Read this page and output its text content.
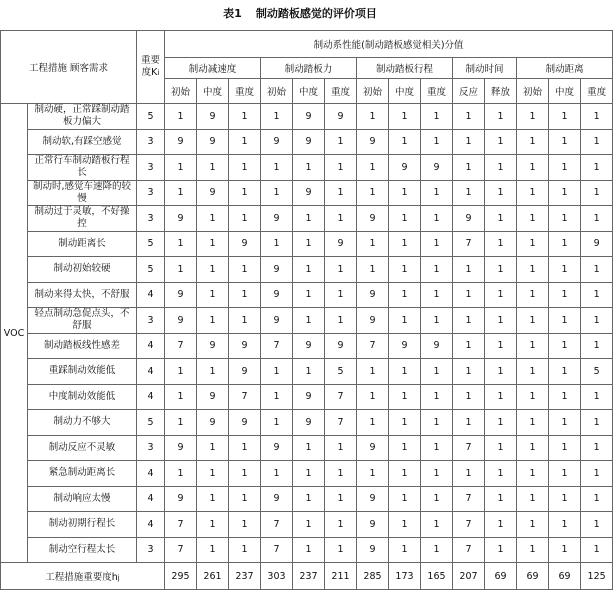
表1 制动踏板感觉的评价项目
工程措施 顾客需求		重要
度Ki	制动系性能(制动踏板感觉相关)分值													
			制动减速度			制动踏板力			制动踏板行程			制动时间		制动距离		
			初始	中度	重度	初始	中度	重度	初始	中度	重度	反应	释放	初始	中度	重度
VOC	制动硬，正常踩制动踏板力偏大	5	1	9	1	1	9	9	1	1	1	1	1	1	1	1
	制动软,有踩空感觉	3	9	9	1	9	9	1	9	1	1	1	1	1	1	1
	正常行车制动踏板行程长	3	1	1	1	1	1	1	1	9	9	1	1	1	1	1
	制动时,感觉车速降的较慢	3	1	9	1	1	9	1	1	1	1	1	1	1	1	1
	制动过于灵敏，不好操控	3	9	1	1	9	1	1	9	1	1	9	1	1	1	1
	制动距离长	5	1	1	9	1	1	9	1	1	1	7	1	1	1	9
	制动初始较硬	5	1	1	1	9	1	1	1	1	1	1	1	1	1	1
	制动来得太快，不舒服	4	9	1	1	9	1	1	9	1	1	1	1	1	1	1
	轻点制动急促点头，不舒服	3	9	1	1	9	1	1	9	1	1	1	1	1	1	1
	制动踏板线性感差	4	7	9	9	7	9	9	7	9	9	1	1	1	1	1
	重踩制动效能低	4	1	1	9	1	1	5	1	1	1	1	1	1	1	5
	中度制动效能低	4	1	9	7	1	9	7	1	1	1	1	1	1	1	1
	制动力不够大	5	1	9	9	1	9	7	1	1	1	1	1	1	1	1
	制动反应不灵敏	3	9	1	1	9	1	1	9	1	1	7	1	1	1	1
	紧急制动距离长	4	1	1	1	1	1	1	1	1	1	1	1	1	1	1
	制动响应太慢	4	9	1	1	9	1	1	9	1	1	7	1	1	1	1
	制动初期行程长	4	7	1	1	7	1	1	9	1	1	7	1	1	1	1
	制动空行程太长	3	7	1	1	7	1	1	9	1	1	7	1	1	1	1
工程措施重要度hj			295	261	237	303	237	211	285	173	165	207	69	69	69	125
